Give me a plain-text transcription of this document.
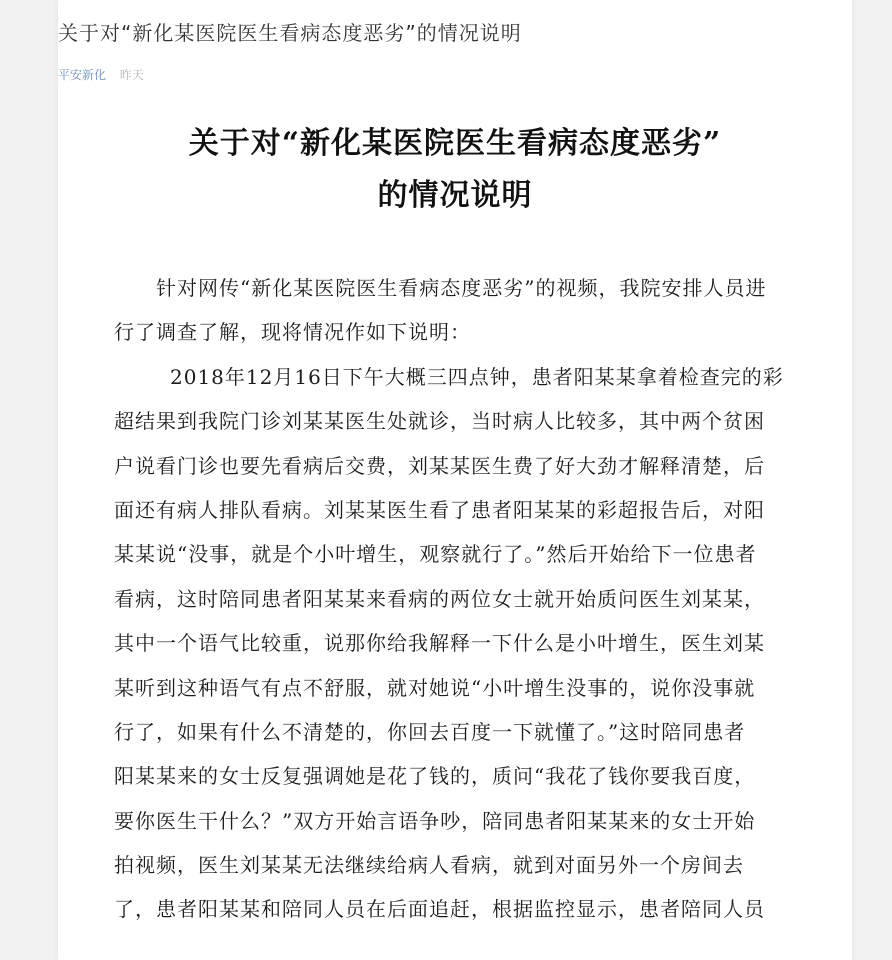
关于对“新化某医院医生看病态度恶劣”的情况说明
平安新化 昨天
关于对“新化某医院医生看病态度恶劣”
的情况说明
针对网传“新化某医院医生看病态度恶劣”的视频，我院安排人员进
行了调查了解，现将情况作如下说明：
2018年12月16日下午大概三四点钟，患者阳某某拿着检查完的彩
超结果到我院门诊刘某某医生处就诊，当时病人比较多，其中两个贫困
户说看门诊也要先看病后交费，刘某某医生费了好大劲才解释清楚，后
面还有病人排队看病。刘某某医生看了患者阳某某的彩超报告后，对阳
某某说“没事，就是个小叶增生，观察就行了。”然后开始给下一位患者
看病，这时陪同患者阳某某来看病的两位女士就开始质问医生刘某某，
其中一个语气比较重，说那你给我解释一下什么是小叶增生，医生刘某
某听到这种语气有点不舒服，就对她说“小叶增生没事的，说你没事就
行了，如果有什么不清楚的，你回去百度一下就懂了。”这时陪同患者
阳某某来的女士反复强调她是花了钱的，质问“我花了钱你要我百度，
要你医生干什么？”双方开始言语争吵，陪同患者阳某某来的女士开始
拍视频，医生刘某某无法继续给病人看病，就到对面另外一个房间去
了，患者阳某某和陪同人员在后面追赶，根据监控显示，患者陪同人员
